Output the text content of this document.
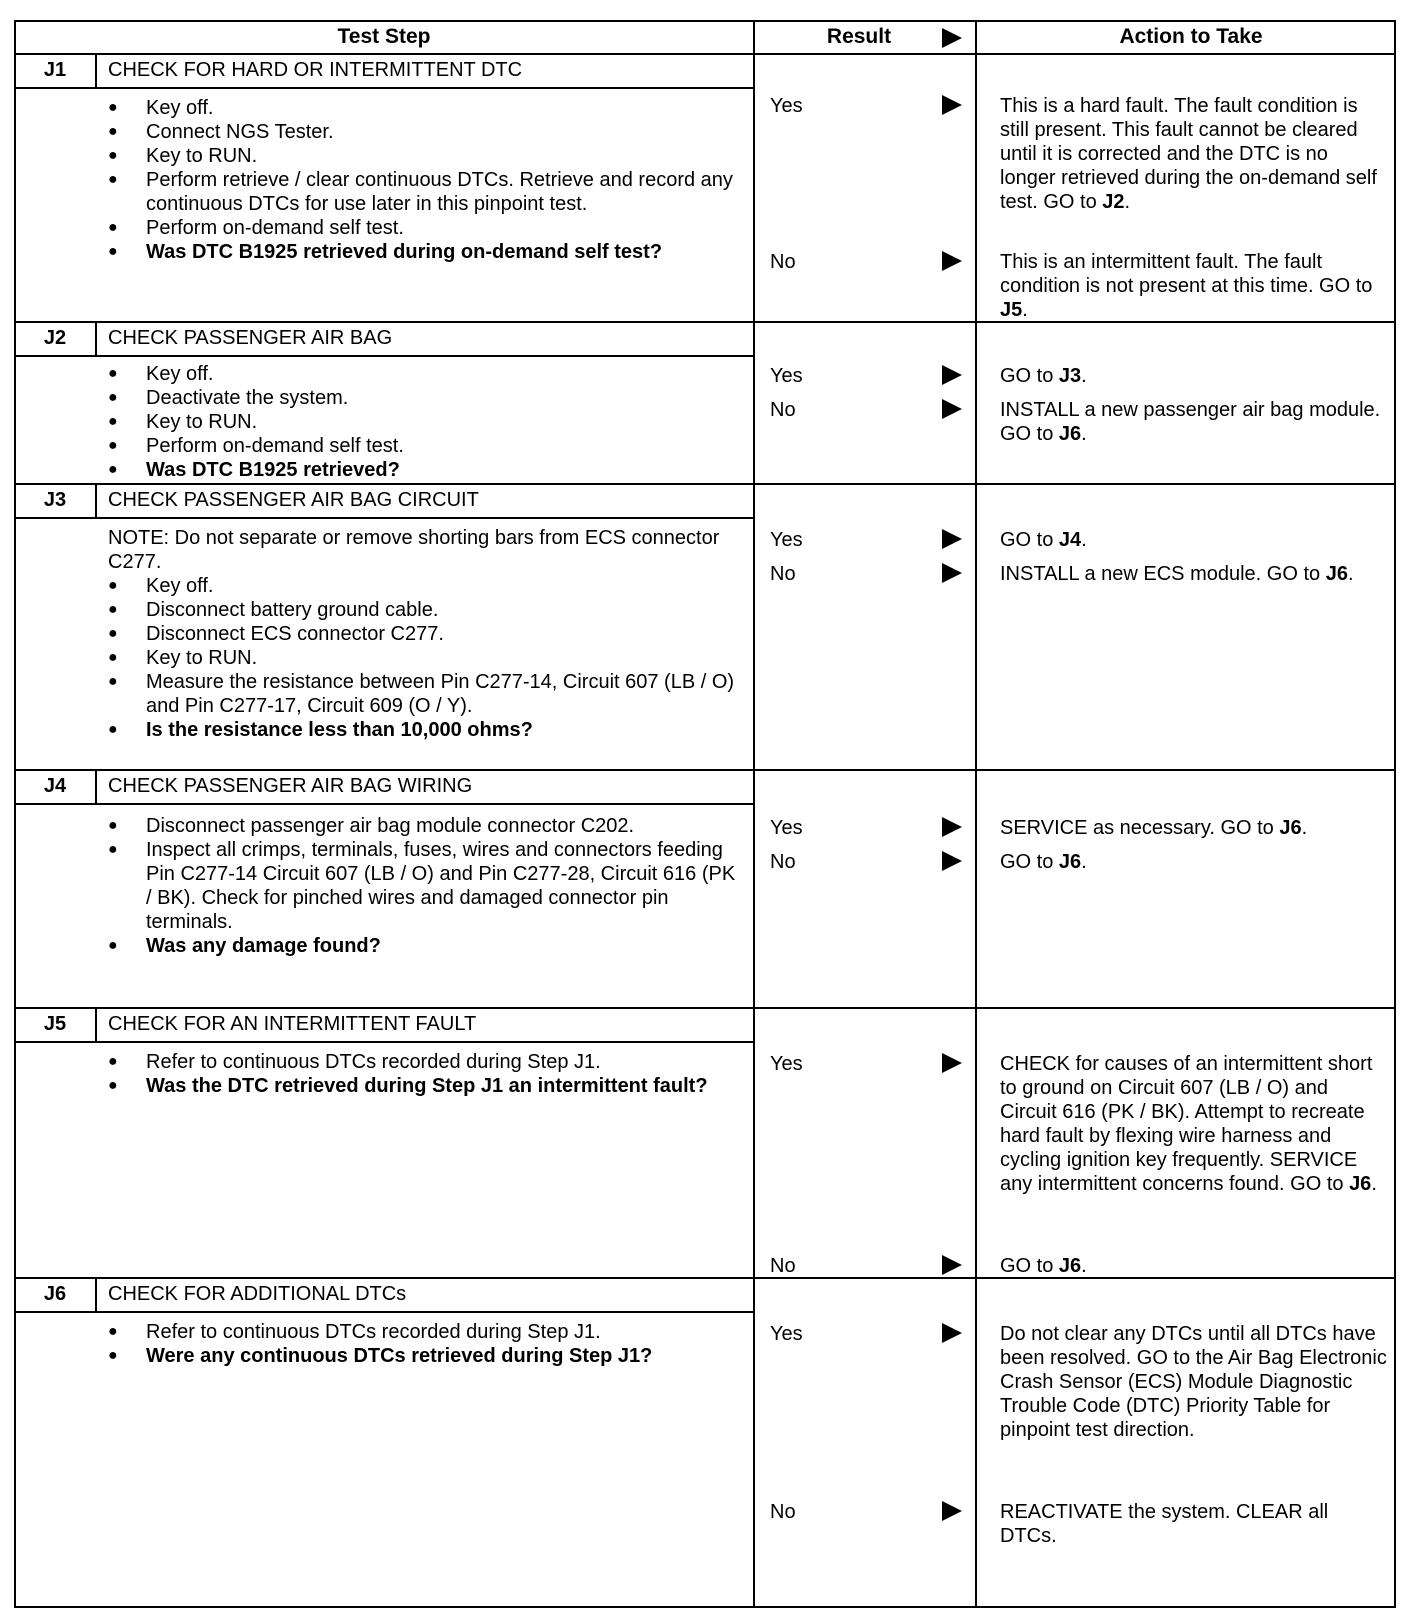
Test Step	Result	Action to Take
J1	CHECK FOR HARD OR INTERMITTENT DTC
● Key off.
● Connect NGS Tester.
● Key to RUN.
● Perform retrieve / clear continuous DTCs. Retrieve and record any continuous DTCs for use later in this pinpoint test.
● Perform on-demand self test.
● Was DTC B1925 retrieved during on-demand self test?
Yes	This is a hard fault. The fault condition is still present. This fault cannot be cleared until it is corrected and the DTC is no longer retrieved during the on-demand self test. GO to J2.
No	This is an intermittent fault. The fault condition is not present at this time. GO to J5.
J2	CHECK PASSENGER AIR BAG
● Key off.
● Deactivate the system.
● Key to RUN.
● Perform on-demand self test.
● Was DTC B1925 retrieved?
Yes	GO to J3.
No	INSTALL a new passenger air bag module. GO to J6.
J3	CHECK PASSENGER AIR BAG CIRCUIT

NOTE: Do not separate or remove shorting bars from ECS connector C277.

● Key off.
● Disconnect battery ground cable.
● Disconnect ECS connector C277.
● Key to RUN.
● Measure the resistance between Pin C277-14, Circuit 607 (LB / O) and Pin C277-17, Circuit 609 (O / Y).
● Is the resistance less than 10,000 ohms?
Yes	GO to J4.
No	INSTALL a new ECS module. GO to J6.
J4	CHECK PASSENGER AIR BAG WIRING
● Disconnect passenger air bag module connector C202.
● Inspect all crimps, terminals, fuses, wires and connectors feeding Pin C277-14 Circuit 607 (LB / O) and Pin C277-28, Circuit 616 (PK / BK). Check for pinched wires and damaged connector pin terminals.
● Was any damage found?
Yes	SERVICE as necessary. GO to J6.
No	GO to J6.
J5	CHECK FOR AN INTERMITTENT FAULT
● Refer to continuous DTCs recorded during Step J1.
● Was the DTC retrieved during Step J1 an intermittent fault?
Yes	CHECK for causes of an intermittent short to ground on Circuit 607 (LB / O) and Circuit 616 (PK / BK). Attempt to recreate hard fault by flexing wire harness and cycling ignition key frequently. SERVICE any intermittent concerns found. GO to J6.
No	GO to J6.
J6	CHECK FOR ADDITIONAL DTCs
● Refer to continuous DTCs recorded during Step J1.
● Were any continuous DTCs retrieved during Step J1?
Yes	Do not clear any DTCs until all DTCs have been resolved. GO to the Air Bag Electronic Crash Sensor (ECS) Module Diagnostic Trouble Code (DTC) Priority Table for pinpoint test direction.
No	REACTIVATE the system. CLEAR all DTCs.
